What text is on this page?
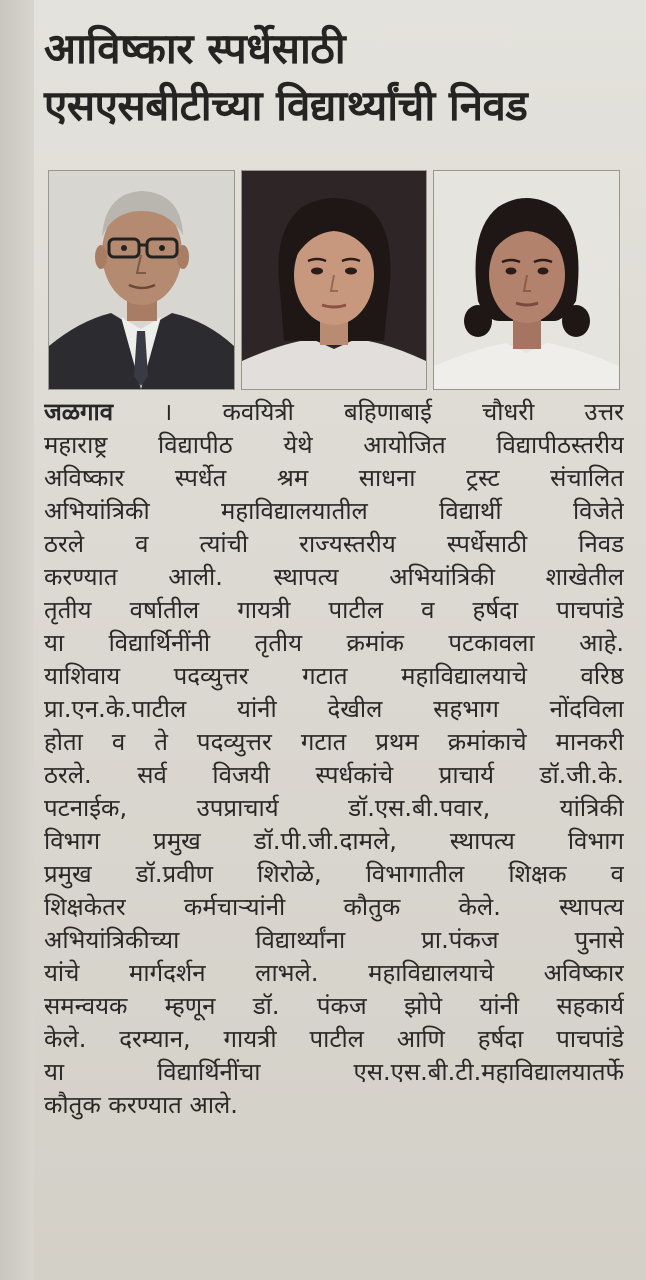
आविष्कार स्पर्धेसाठी
एसएसबीटीच्या विद्यार्थ्यांची निवड
जळगाव । कवयित्री बहिणाबाई चौधरी उत्तर
महाराष्ट्र विद्यापीठ येथे आयोजित विद्यापीठस्तरीय
अविष्कार स्पर्धेत श्रम साधना ट्रस्ट संचालित
अभियांत्रिकी महाविद्यालयातील विद्यार्थी विजेते
ठरले व त्यांची राज्यस्तरीय स्पर्धेसाठी निवड
करण्यात आली. स्थापत्य अभियांत्रिकी शाखेतील
तृतीय वर्षातील गायत्री पाटील व हर्षदा पाचपांडे
या विद्यार्थिनींनी तृतीय क्रमांक पटकावला आहे.
याशिवाय पदव्युत्तर गटात महाविद्यालयाचे वरिष्ठ
प्रा.एन.के.पाटील यांनी देखील सहभाग नोंदविला
होता व ते पदव्युत्तर गटात प्रथम क्रमांकाचे मानकरी
ठरले. सर्व विजयी स्पर्धकांचे प्राचार्य डॉ.जी.के.
पटनाईक, उपप्राचार्य डॉ.एस.बी.पवार, यांत्रिकी
विभाग प्रमुख डॉ.पी.जी.दामले, स्थापत्य विभाग
प्रमुख डॉ.प्रवीण शिरोळे, विभागातील शिक्षक व
शिक्षकेतर कर्मचाऱ्यांनी कौतुक केले. स्थापत्य
अभियांत्रिकीच्या विद्यार्थ्यांना प्रा.पंकज पुनासे
यांचे मार्गदर्शन लाभले. महाविद्यालयाचे अविष्कार
समन्वयक म्हणून डॉ. पंकज झोपे यांनी सहकार्य
केले. दरम्यान, गायत्री पाटील आणि हर्षदा पाचपांडे
या विद्यार्थिनींचा एस.एस.बी.टी.महाविद्यालयातर्फे
कौतुक करण्यात आले.
